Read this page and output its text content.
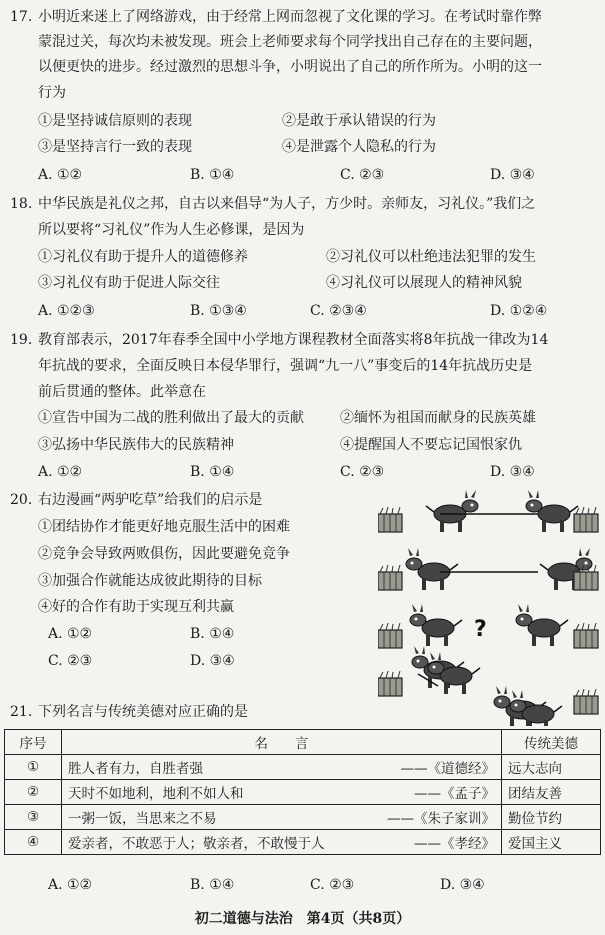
17. 小明近来迷上了网络游戏，由于经常上网而忽视了文化课的学习。在考试时靠作弊
蒙混过关，每次均未被发现。班会上老师要求每个同学找出自己存在的主要问题，
以便更快的进步。经过激烈的思想斗争，小明说出了自己的所作所为。小明的这一
行为
①是坚持诚信原则的表现	②是敢于承认错误的行为
③是坚持言行一致的表现	④是泄露个人隐私的行为
A. ①②	B. ①④	C. ②③	D. ③④
18. 中华民族是礼仪之邦，自古以来倡导“为人子，方少时。亲师友，习礼仪。”我们之
所以要将“习礼仪”作为人生必修课，是因为
①习礼仪有助于提升人的道德修养	②习礼仪可以杜绝违法犯罪的发生
③习礼仪有助于促进人际交往	④习礼仪可以展现人的精神风貌
A. ①②③	B. ①③④	C. ②③④	D. ①②④
19. 教育部表示，2017年春季全国中小学地方课程教材全面落实将8年抗战一律改为14
年抗战的要求，全面反映日本侵华罪行，强调“九一八”事变后的14年抗战历史是
前后贯通的整体。此举意在
①宣告中国为二战的胜利做出了最大的贡献	②缅怀为祖国而献身的民族英雄
③弘扬中华民族伟大的民族精神	④提醒国人不要忘记国恨家仇
A. ①②	B. ①④	C. ②③	D. ③④
20. 右边漫画“两驴吃草”给我们的启示是
①团结协作才能更好地克服生活中的困难
②竞争会导致两败俱伤，因此要避免竞争
③加强合作就能达成彼此期待的目标
④好的合作有助于实现互利共赢
A. ①②	B. ①④
C. ②③	D. ③④
?
21. 下列名言与传统美德对应正确的是
序号	名　　言	传统美德
①	胜人者有力，自胜者强 ——《道德经》	远大志向
②	天时不如地利，地利不如人和 ——《孟子》	团结友善
③	一粥一饭，当思来之不易 ——《朱子家训》	勤俭节约
④	爱亲者，不敢恶于人；敬亲者，不敢慢于人 ——《孝经》	爱国主义
A. ①②	B. ①④	C. ②③	D. ③④
初二道德与法治　第4页（共8页）
